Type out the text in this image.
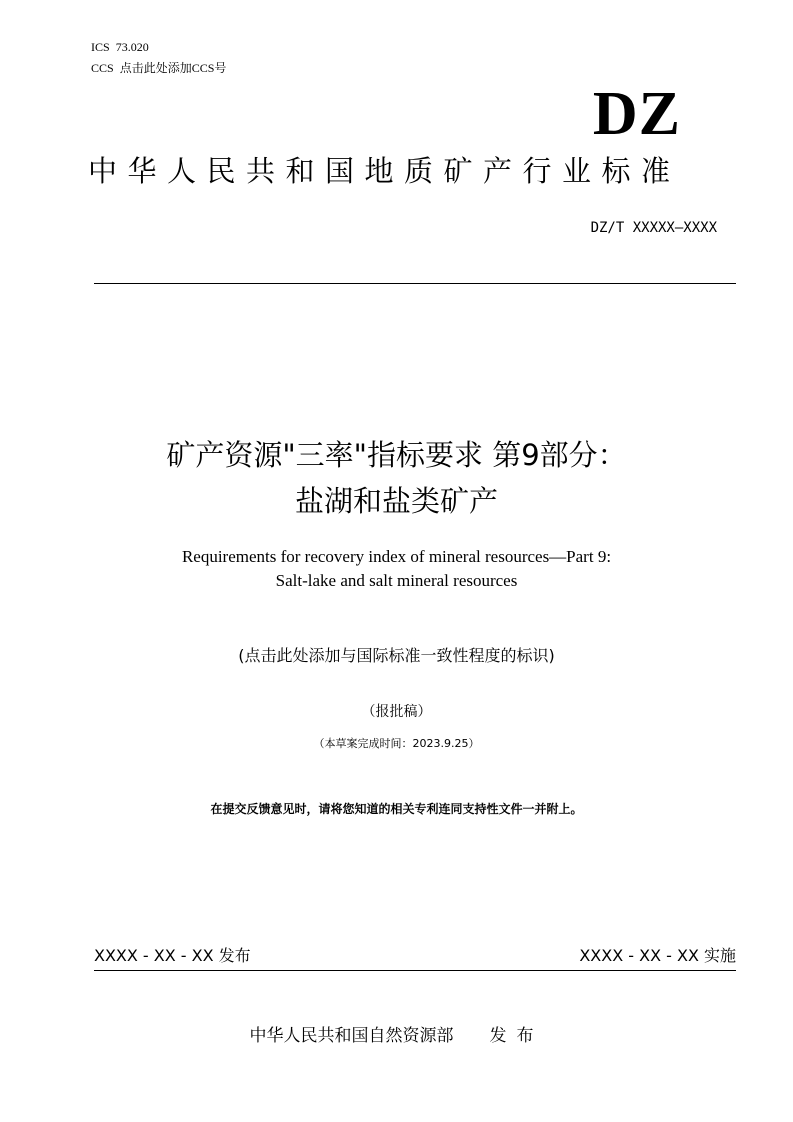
ICS 73.020
CCS 点击此处添加CCS号
DZ
中华人民共和国地质矿产行业标准
DZ/T XXXXX—XXXX
矿产资源"三率"指标要求 第9部分：
盐湖和盐类矿产
Requirements for recovery index of mineral resources—Part 9:
Salt-lake and salt mineral resources
(点击此处添加与国际标准一致性程度的标识)
（报批稿）
（本草案完成时间：2023.9.25）
在提交反馈意见时，请将您知道的相关专利连同支持性文件一并附上。
XXXX - XX - XX 发布	XXXX - XX - XX 实施
中华人民共和国自然资源部 发布
